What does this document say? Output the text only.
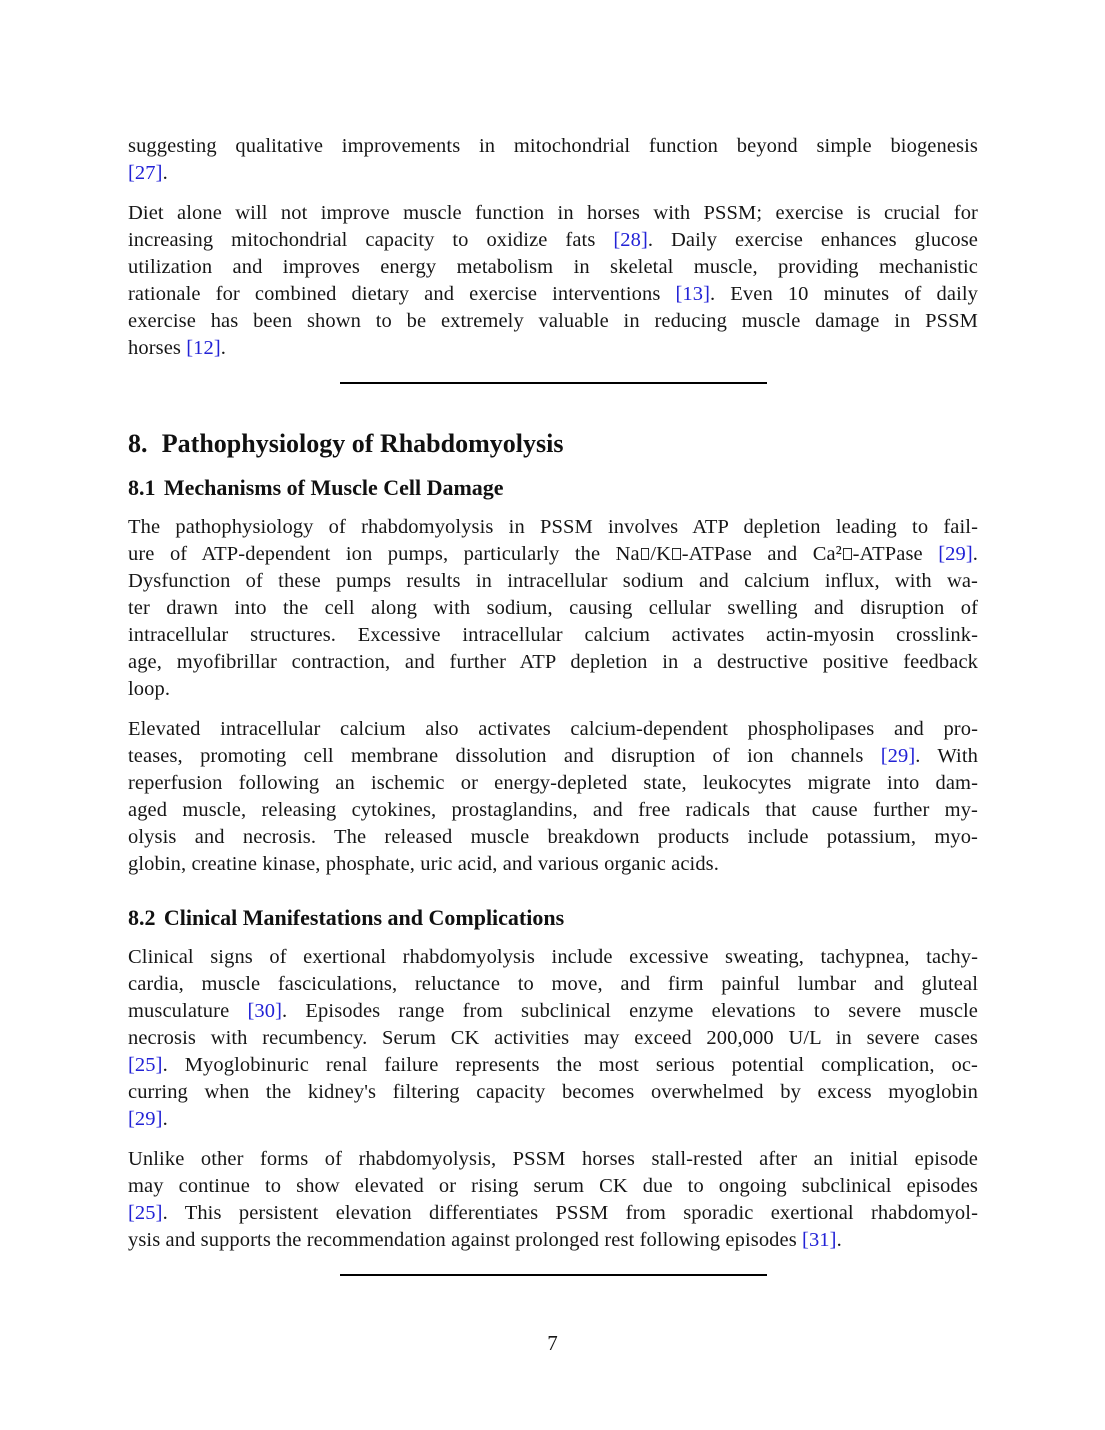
suggesting qualitative improvements in mitochondrial function beyond simple biogenesis
[27].
Diet alone will not improve muscle function in horses with PSSM; exercise is crucial for
increasing mitochondrial capacity to oxidize fats [28]. Daily exercise enhances glucose
utilization and improves energy metabolism in skeletal muscle, providing mechanistic
rationale for combined dietary and exercise interventions [13]. Even 10 minutes of daily
exercise has been shown to be extremely valuable in reducing muscle damage in PSSM
horses [12].
8. Pathophysiology of Rhabdomyolysis
8.1 Mechanisms of Muscle Cell Damage
The pathophysiology of rhabdomyolysis in PSSM involves ATP depletion leading to fail-
ure of ATP-dependent ion pumps, particularly the Na /K -ATPase and Ca² -ATPase [29].
Dysfunction of these pumps results in intracellular sodium and calcium influx, with wa-
ter drawn into the cell along with sodium, causing cellular swelling and disruption of
intracellular structures. Excessive intracellular calcium activates actin-myosin crosslink-
age, myofibrillar contraction, and further ATP depletion in a destructive positive feedback
loop.
Elevated intracellular calcium also activates calcium-dependent phospholipases and pro-
teases, promoting cell membrane dissolution and disruption of ion channels [29]. With
reperfusion following an ischemic or energy-depleted state, leukocytes migrate into dam-
aged muscle, releasing cytokines, prostaglandins, and free radicals that cause further my-
olysis and necrosis. The released muscle breakdown products include potassium, myo-
globin, creatine kinase, phosphate, uric acid, and various organic acids.
8.2 Clinical Manifestations and Complications
Clinical signs of exertional rhabdomyolysis include excessive sweating, tachypnea, tachy-
cardia, muscle fasciculations, reluctance to move, and firm painful lumbar and gluteal
musculature [30]. Episodes range from subclinical enzyme elevations to severe muscle
necrosis with recumbency. Serum CK activities may exceed 200,000 U/L in severe cases
[25]. Myoglobinuric renal failure represents the most serious potential complication, oc-
curring when the kidney's filtering capacity becomes overwhelmed by excess myoglobin
[29].
Unlike other forms of rhabdomyolysis, PSSM horses stall-rested after an initial episode
may continue to show elevated or rising serum CK due to ongoing subclinical episodes
[25]. This persistent elevation differentiates PSSM from sporadic exertional rhabdomyol-
ysis and supports the recommendation against prolonged rest following episodes [31].
7
